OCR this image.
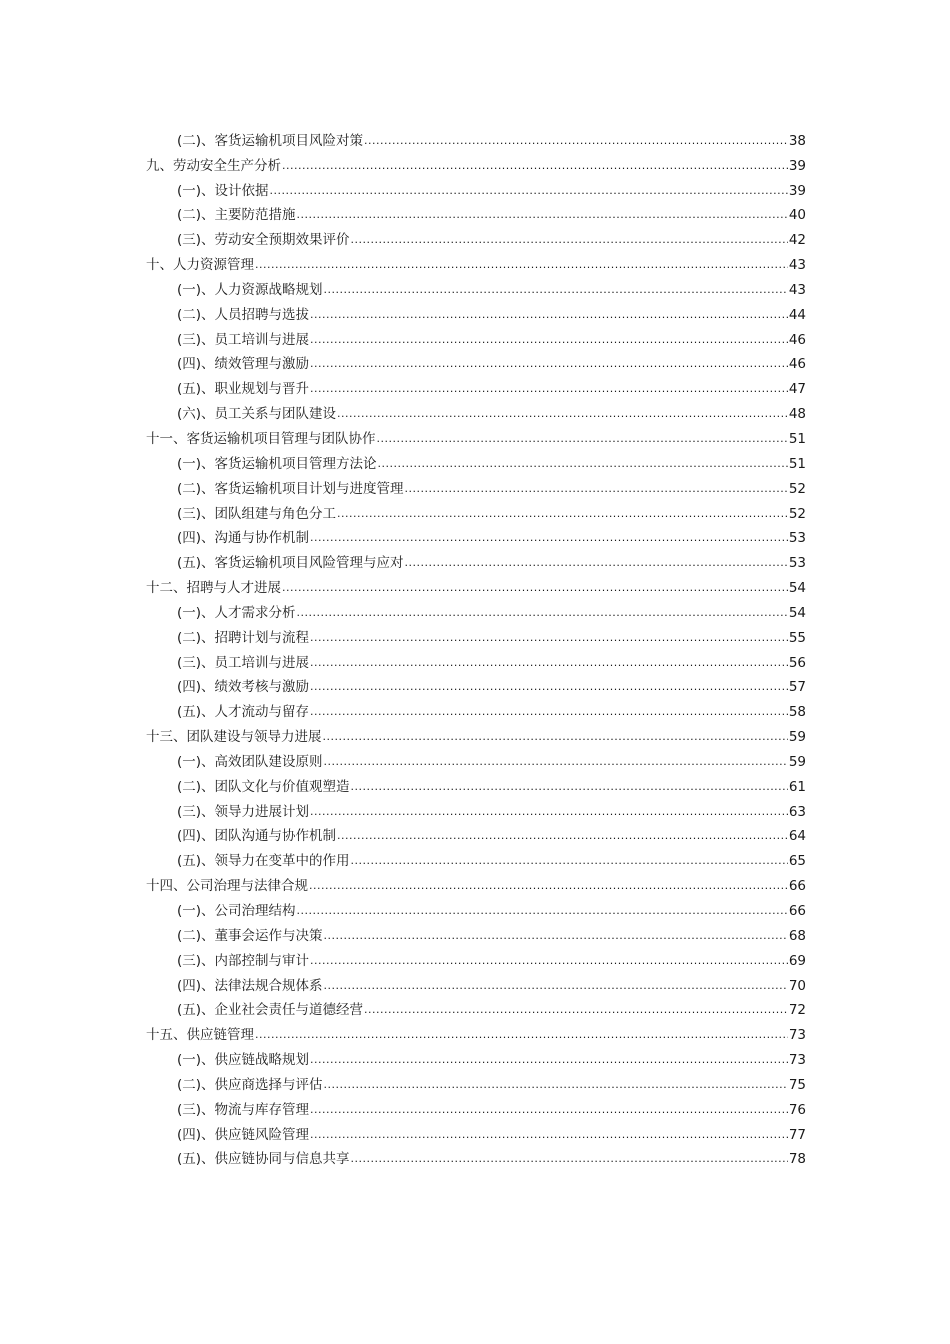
(二)、客货运输机项目风险对策 .....	38
九、劳动安全生产分析 .....	39
(一)、设计依据 .....	39
(二)、主要防范措施 .....	40
(三)、劳动安全预期效果评价 .....	42
十、人力资源管理 .....	43
(一)、人力资源战略规划 .....	43
(二)、人员招聘与选拔 .....	44
(三)、员工培训与进展 .....	46
(四)、绩效管理与激励 .....	46
(五)、职业规划与晋升 .....	47
(六)、员工关系与团队建设 .....	48
十一、客货运输机项目管理与团队协作 .....	51
(一)、客货运输机项目管理方法论 .....	51
(二)、客货运输机项目计划与进度管理 .....	52
(三)、团队组建与角色分工 .....	52
(四)、沟通与协作机制 .....	53
(五)、客货运输机项目风险管理与应对 .....	53
十二、招聘与人才进展 .....	54
(一)、人才需求分析 .....	54
(二)、招聘计划与流程 .....	55
(三)、员工培训与进展 .....	56
(四)、绩效考核与激励 .....	57
(五)、人才流动与留存 .....	58
十三、团队建设与领导力进展 .....	59
(一)、高效团队建设原则 .....	59
(二)、团队文化与价值观塑造 .....	61
(三)、领导力进展计划 .....	63
(四)、团队沟通与协作机制 .....	64
(五)、领导力在变革中的作用 .....	65
十四、公司治理与法律合规 .....	66
(一)、公司治理结构 .....	66
(二)、董事会运作与决策 .....	68
(三)、内部控制与审计 .....	69
(四)、法律法规合规体系 .....	70
(五)、企业社会责任与道德经营 .....	72
十五、供应链管理 .....	73
(一)、供应链战略规划 .....	73
(二)、供应商选择与评估 .....	75
(三)、物流与库存管理 .....	76
(四)、供应链风险管理 .....	77
(五)、供应链协同与信息共享 .....	78
